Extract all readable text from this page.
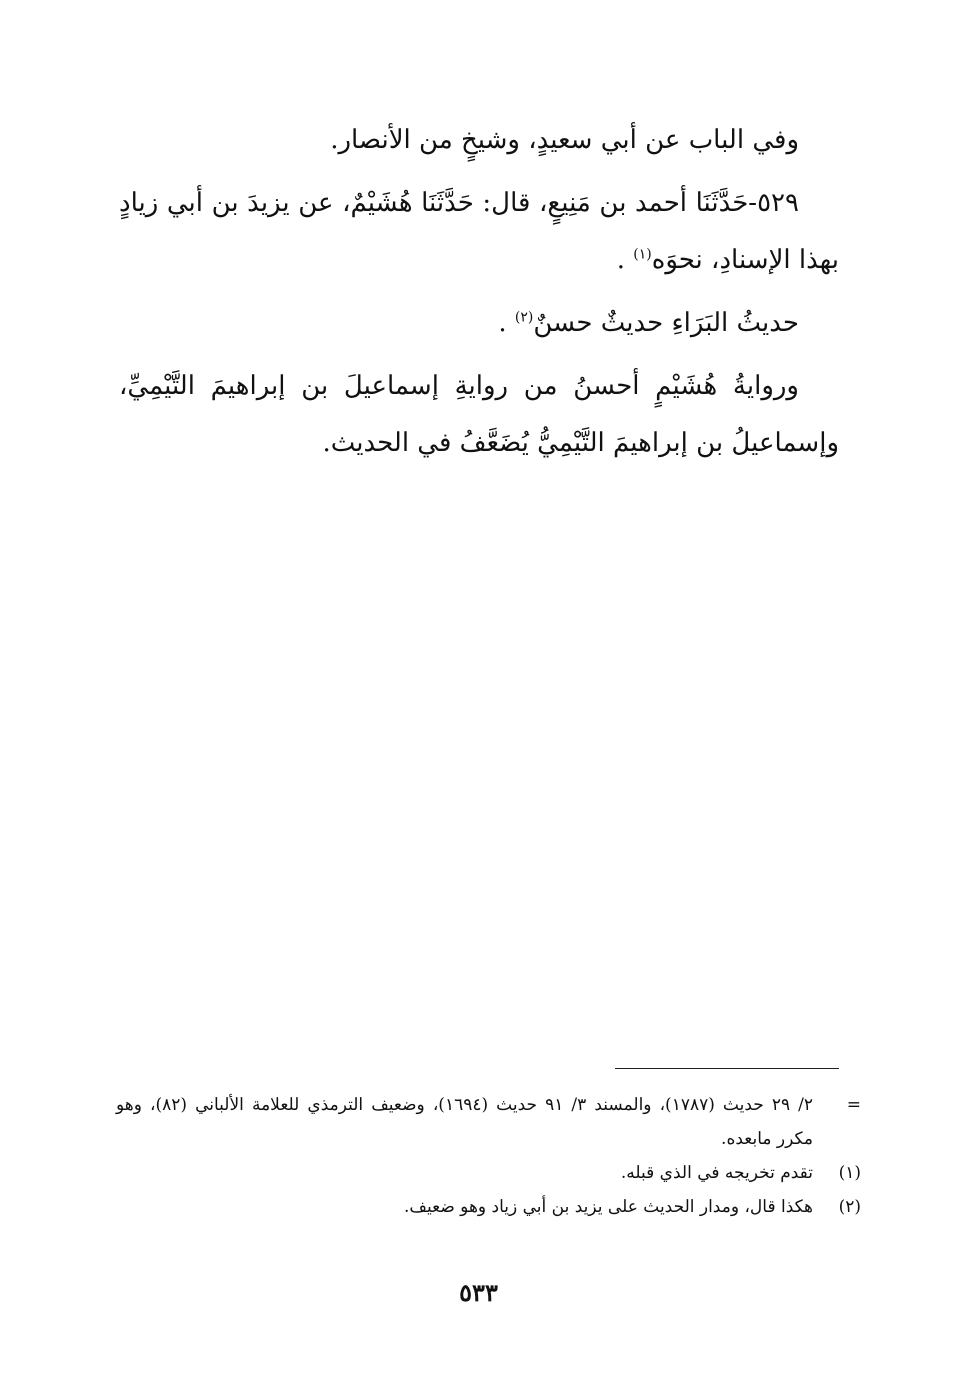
وفي الباب عن أبي سعيدٍ، وشيخٍ من الأنصار.

٥٢٩-حَدَّثَنَا أحمد بن مَنِيعٍ، قال: حَدَّثَنَا هُشَيْمٌ، عن يزيدَ بن أبي زيادٍ بهذا الإسنادِ، نحوَه$^{(١)}$ .

حديثُ البَرَاءِ حديثٌ حسنٌ$^{(٢)}$ .

وروايةُ هُشَيْمٍ أحسنُ من روايةِ إسماعيلَ بن إبراهيمَ التَّيْمِيِّ، وإسماعيلُ بن إبراهيمَ التَّيْمِيُّ يُضَعَّفُ في الحديث.

=
٢/ ٢٩ حديث (١٧٨٧)، والمسند ٣/ ٩١ حديث (١٦٩٤)، وضعيف الترمذي للعلامة الألباني (٨٢)، وهو مكرر مابعده.
(١)
تقدم تخريجه في الذي قبله.
(٢)
هكذا قال، ومدار الحديث على يزيد بن أبي زياد وهو ضعيف.
٥٣٣
